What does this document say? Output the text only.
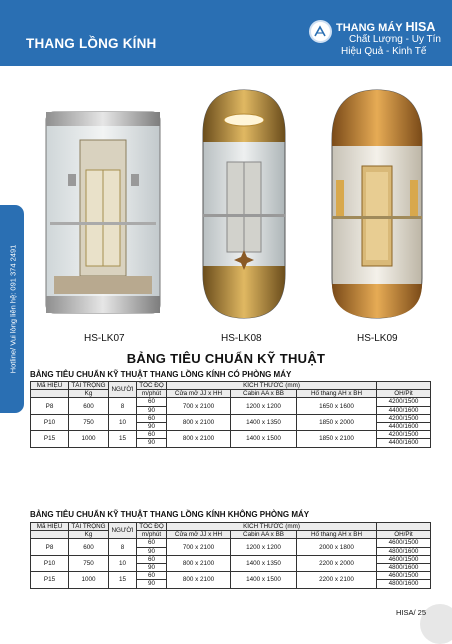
THANG LỒNG KÍNH
THANG MÁY HISA
Chất Lượng - Uy Tín
Hiệu Quả - Kinh Tế
Hotline/ Vui lòng liên hệ: 091 374 2491	HS-LK07	HS-LK08	HS-LK09
BẢNG TIÊU CHUẨN KỸ THUẬT
BẢNG TIÊU CHUẨN KỸ THUẬT THANG LỒNG KÍNH CÓ PHÒNG MÁY
Mã HIỆU	TẢI TRỌNG	NGƯỜI	TỐC ĐỘ	KÍCH THƯỚC (mm)			
	Kg		m/phút	Cửa mở JJ x HH	Cabin AA x BB	Hố thang AH x BH	OH/Pit
P8	600	8	60	700 x 2100	1200 x 1200	1650 x 1600	4200/1500
			90				4400/1600
P10	750	10	60	800 x 2100	1400 x 1350	1850 x 2000	4200/1500
			90				4400/1600
P15	1000	15	60	800 x 2100	1400 x 1500	1850 x 2100	4200/1500
			90				4400/1600
BẢNG TIÊU CHUẨN KỸ THUẬT THANG LỒNG KÍNH KHÔNG PHÒNG MÁY
Mã HIỆU	TẢI TRỌNG	NGƯỜI	TỐC ĐỘ	KÍCH THƯỚC (mm)			
	Kg		m/phút	Cửa mở JJ x HH	Cabin AA x BB	Hố thang AH x BH	OH/Pit
P8	600	8	60	700 x 2100	1200 x 1200	2000 x 1800	4600/1500
			90				4800/1600
P10	750	10	60	800 x 2100	1400 x 1350	2200 x 2000	4600/1500
			90				4800/1600
P15	1000	15	60	800 x 2100	1400 x 1500	2200 x 2100	4600/1500
			90				4800/1600
HISA/ 25
